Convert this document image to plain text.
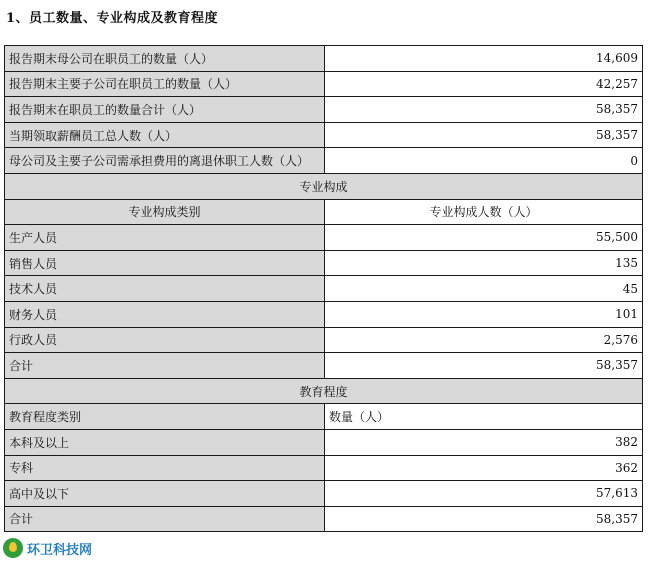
1、员工数量、专业构成及教育程度
报告期末母公司在职员工的数量（人）	14,609
报告期末主要子公司在职员工的数量（人）	42,257
报告期末在职员工的数量合计（人）	58,357
当期领取薪酬员工总人数（人）	58,357
母公司及主要子公司需承担费用的离退休职工人数（人）	0
专业构成	
专业构成类别	专业构成人数（人）
生产人员	55,500
销售人员	135
技术人员	45
财务人员	101
行政人员	2,576
合计	58,357
教育程度	
教育程度类别	数量（人）
本科及以上	382
专科	362
高中及以下	57,613
合计	58,357
环卫科技网
